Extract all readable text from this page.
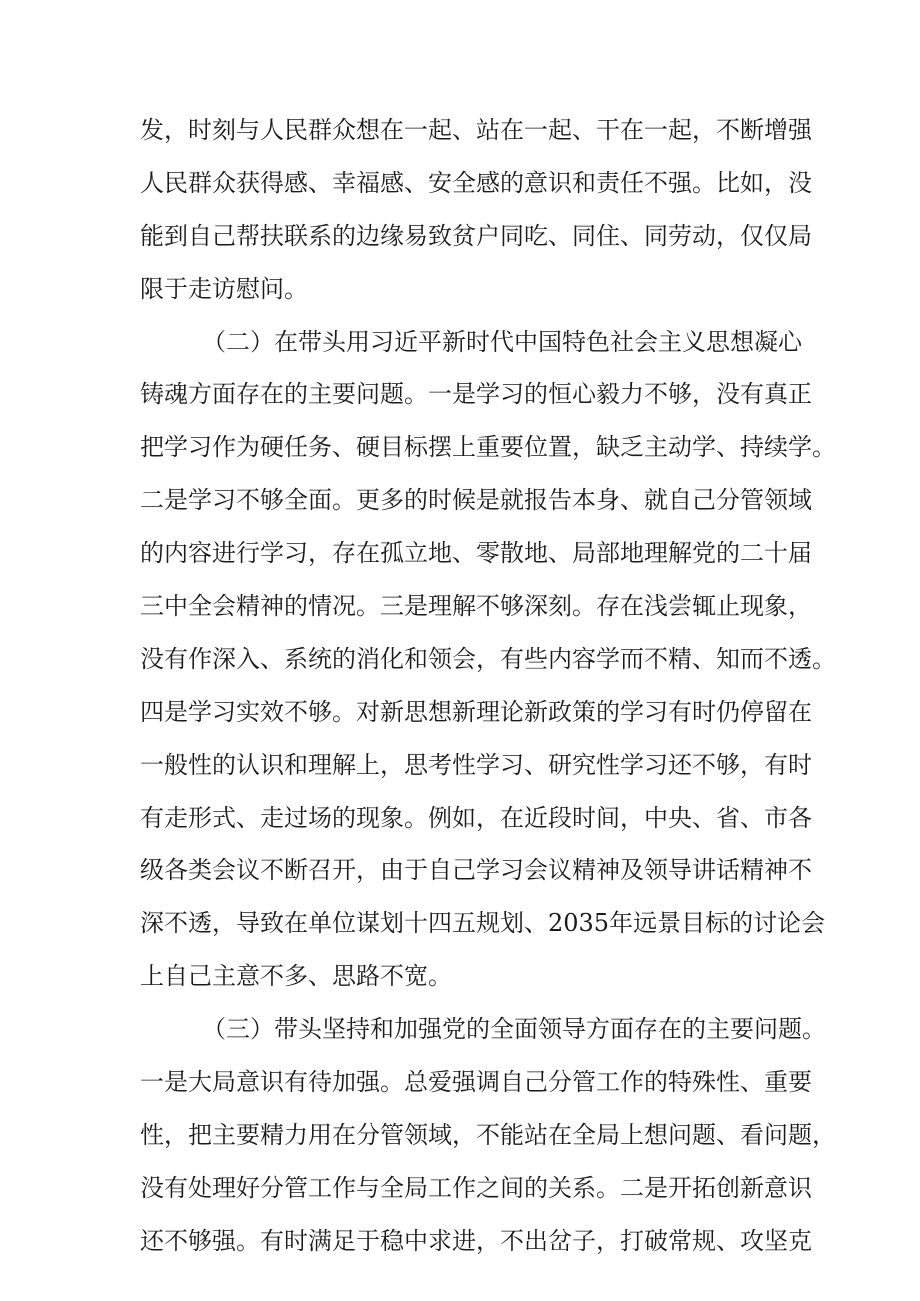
发，时刻与人民群众想在一起、站在一起、干在一起，不断增强
人民群众获得感、幸福感、安全感的意识和责任不强。比如，没
能到自己帮扶联系的边缘易致贫户同吃、同住、同劳动，仅仅局
限于走访慰问。
（二）在带头用习近平新时代中国特色社会主义思想凝心
铸魂方面存在的主要问题。一是学习的恒心毅力不够，没有真正
把学习作为硬任务、硬目标摆上重要位置，缺乏主动学、持续学。
二是学习不够全面。更多的时候是就报告本身、就自己分管领域
的内容进行学习，存在孤立地、零散地、局部地理解党的二十届
三中全会精神的情况。三是理解不够深刻。存在浅尝辄止现象，
没有作深入、系统的消化和领会，有些内容学而不精、知而不透。
四是学习实效不够。对新思想新理论新政策的学习有时仍停留在
一般性的认识和理解上，思考性学习、研究性学习还不够，有时
有走形式、走过场的现象。例如，在近段时间，中央、省、市各
级各类会议不断召开，由于自己学习会议精神及领导讲话精神不
深不透，导致在单位谋划十四五规划、2035年远景目标的讨论会
上自己主意不多、思路不宽。
（三）带头坚持和加强党的全面领导方面存在的主要问题。
一是大局意识有待加强。总爱强调自己分管工作的特殊性、重要
性，把主要精力用在分管领域，不能站在全局上想问题、看问题，
没有处理好分管工作与全局工作之间的关系。二是开拓创新意识
还不够强。有时满足于稳中求进，不出岔子，打破常规、攻坚克
